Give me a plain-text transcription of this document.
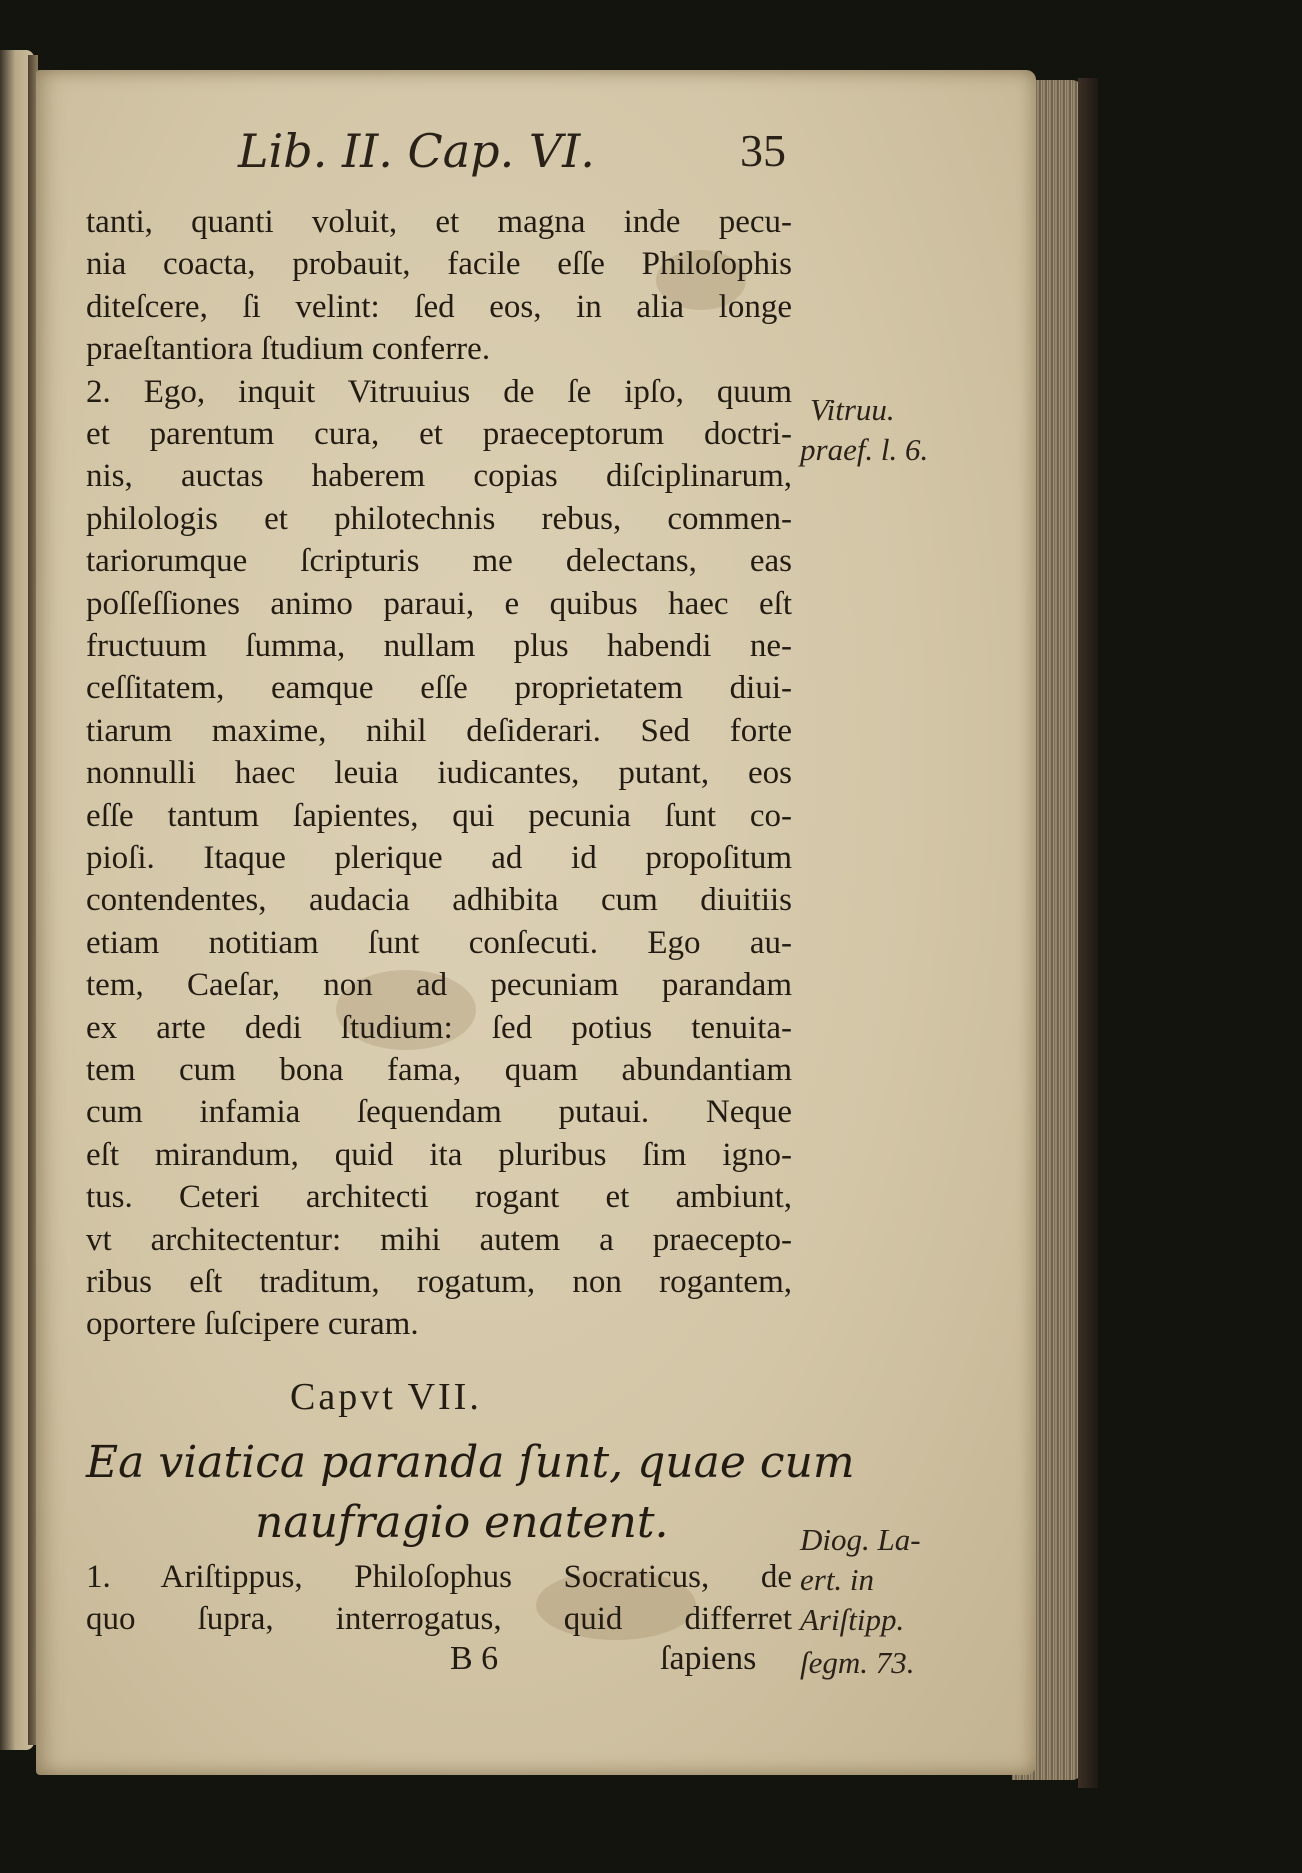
Lib. II. Cap. VI.	35
tanti, quanti voluit, et magna inde pecu-
nia coacta, probauit, facile eſſe Philoſophis
diteſcere, ſi velint: ſed eos, in alia longe
praeſtantiora ſtudium conferre.
2. Ego, inquit Vitruuius de ſe ipſo, quum
et parentum cura, et praeceptorum doctri-
nis, auctas haberem copias diſciplinarum,
philologis et philotechnis rebus, commen-
tariorumque ſcripturis me delectans, eas
poſſeſſiones animo paraui, e quibus haec eſt
fructuum ſumma, nullam plus habendi ne-
ceſſitatem, eamque eſſe proprietatem diui-
tiarum maxime, nihil deſiderari. Sed forte
nonnulli haec leuia iudicantes, putant, eos
eſſe tantum ſapientes, qui pecunia ſunt co-
pioſi. Itaque plerique ad id propoſitum
contendentes, audacia adhibita cum diuitiis
etiam notitiam ſunt conſecuti. Ego au-
tem, Caeſar, non ad pecuniam parandam
ex arte dedi ſtudium: ſed potius tenuita-
tem cum bona fama, quam abundantiam
cum infamia ſequendam putaui. Neque
eſt mirandum, quid ita pluribus ſim igno-
tus. Ceteri architecti rogant et ambiunt,
vt architectentur: mihi autem a praecepto-
ribus eſt traditum, rogatum, non rogantem,
oportere ſuſcipere curam.
Vitruu.
praef. l. 6.
Capvt VII.
Ea viatica paranda ſunt, quae cum
naufragio enatent.
1. Ariſtippus, Philoſophus Socraticus, de
quo ſupra, interrogatus, quid differret
Diog. La-
ert. in
Ariſtipp.
ſegm. 73.
B 6	ſapiens
